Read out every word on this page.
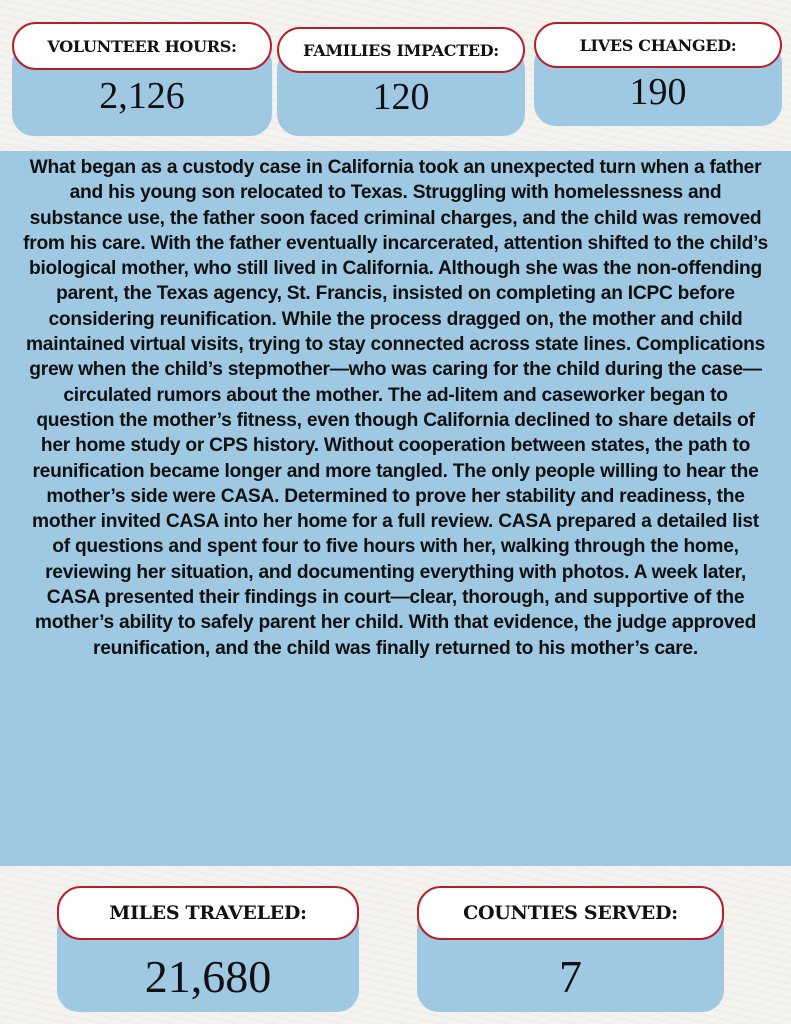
VOLUNTEER HOURS:
2,126
FAMILIES IMPACTED:
120
LIVES CHANGED:
190

What began as a custody case in California took an unexpected turn when a father and his young son relocated to Texas. Struggling with homelessness and substance use, the father soon faced criminal charges, and the child was removed from his care. With the father eventually incarcerated, attention shifted to the child’s biological mother, who still lived in California. Although she was the non-offending parent, the Texas agency, St. Francis, insisted on completing an ICPC before considering reunification. While the process dragged on, the mother and child maintained virtual visits, trying to stay connected across state lines. Complications grew when the child’s stepmother—who was caring for the child during the case—circulated rumors about the mother. The ad-litem and caseworker began to question the mother’s fitness, even though California declined to share details of her home study or CPS history. Without cooperation between states, the path to reunification became longer and more tangled. The only people willing to hear the mother’s side were CASA. Determined to prove her stability and readiness, the mother invited CASA into her home for a full review. CASA prepared a detailed list of questions and spent four to five hours with her, walking through the home, reviewing her situation, and documenting everything with photos. A week later, CASA presented their findings in court—clear, thorough, and supportive of the mother’s ability to safely parent her child. With that evidence, the judge approved reunification, and the child was finally returned to his mother’s care.

MILES TRAVELED:
21,680
COUNTIES SERVED:
7
